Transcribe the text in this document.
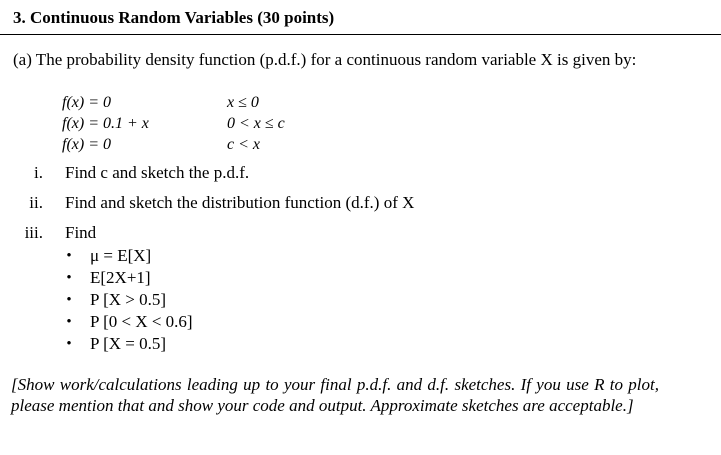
3. Continuous Random Variables (30 points)
(a) The probability density function (p.d.f.) for a continuous random variable X is given by:
f(x) = 0	x ≤ 0
f(x) = 0.1 + x	0 < x ≤ c
f(x) = 0	c < x
i. Find c and sketch the p.d.f.
ii. Find and sketch the distribution function (d.f.) of X
iii. Find
• μ = E[X]
• E[2X+1]
• P [X > 0.5]
• P [0 < X < 0.6]
• P [X = 0.5]
[Show work/calculations leading up to your final p.d.f. and d.f. sketches. If you use R to plot, please mention that and show your code and output. Approximate sketches are acceptable.]
